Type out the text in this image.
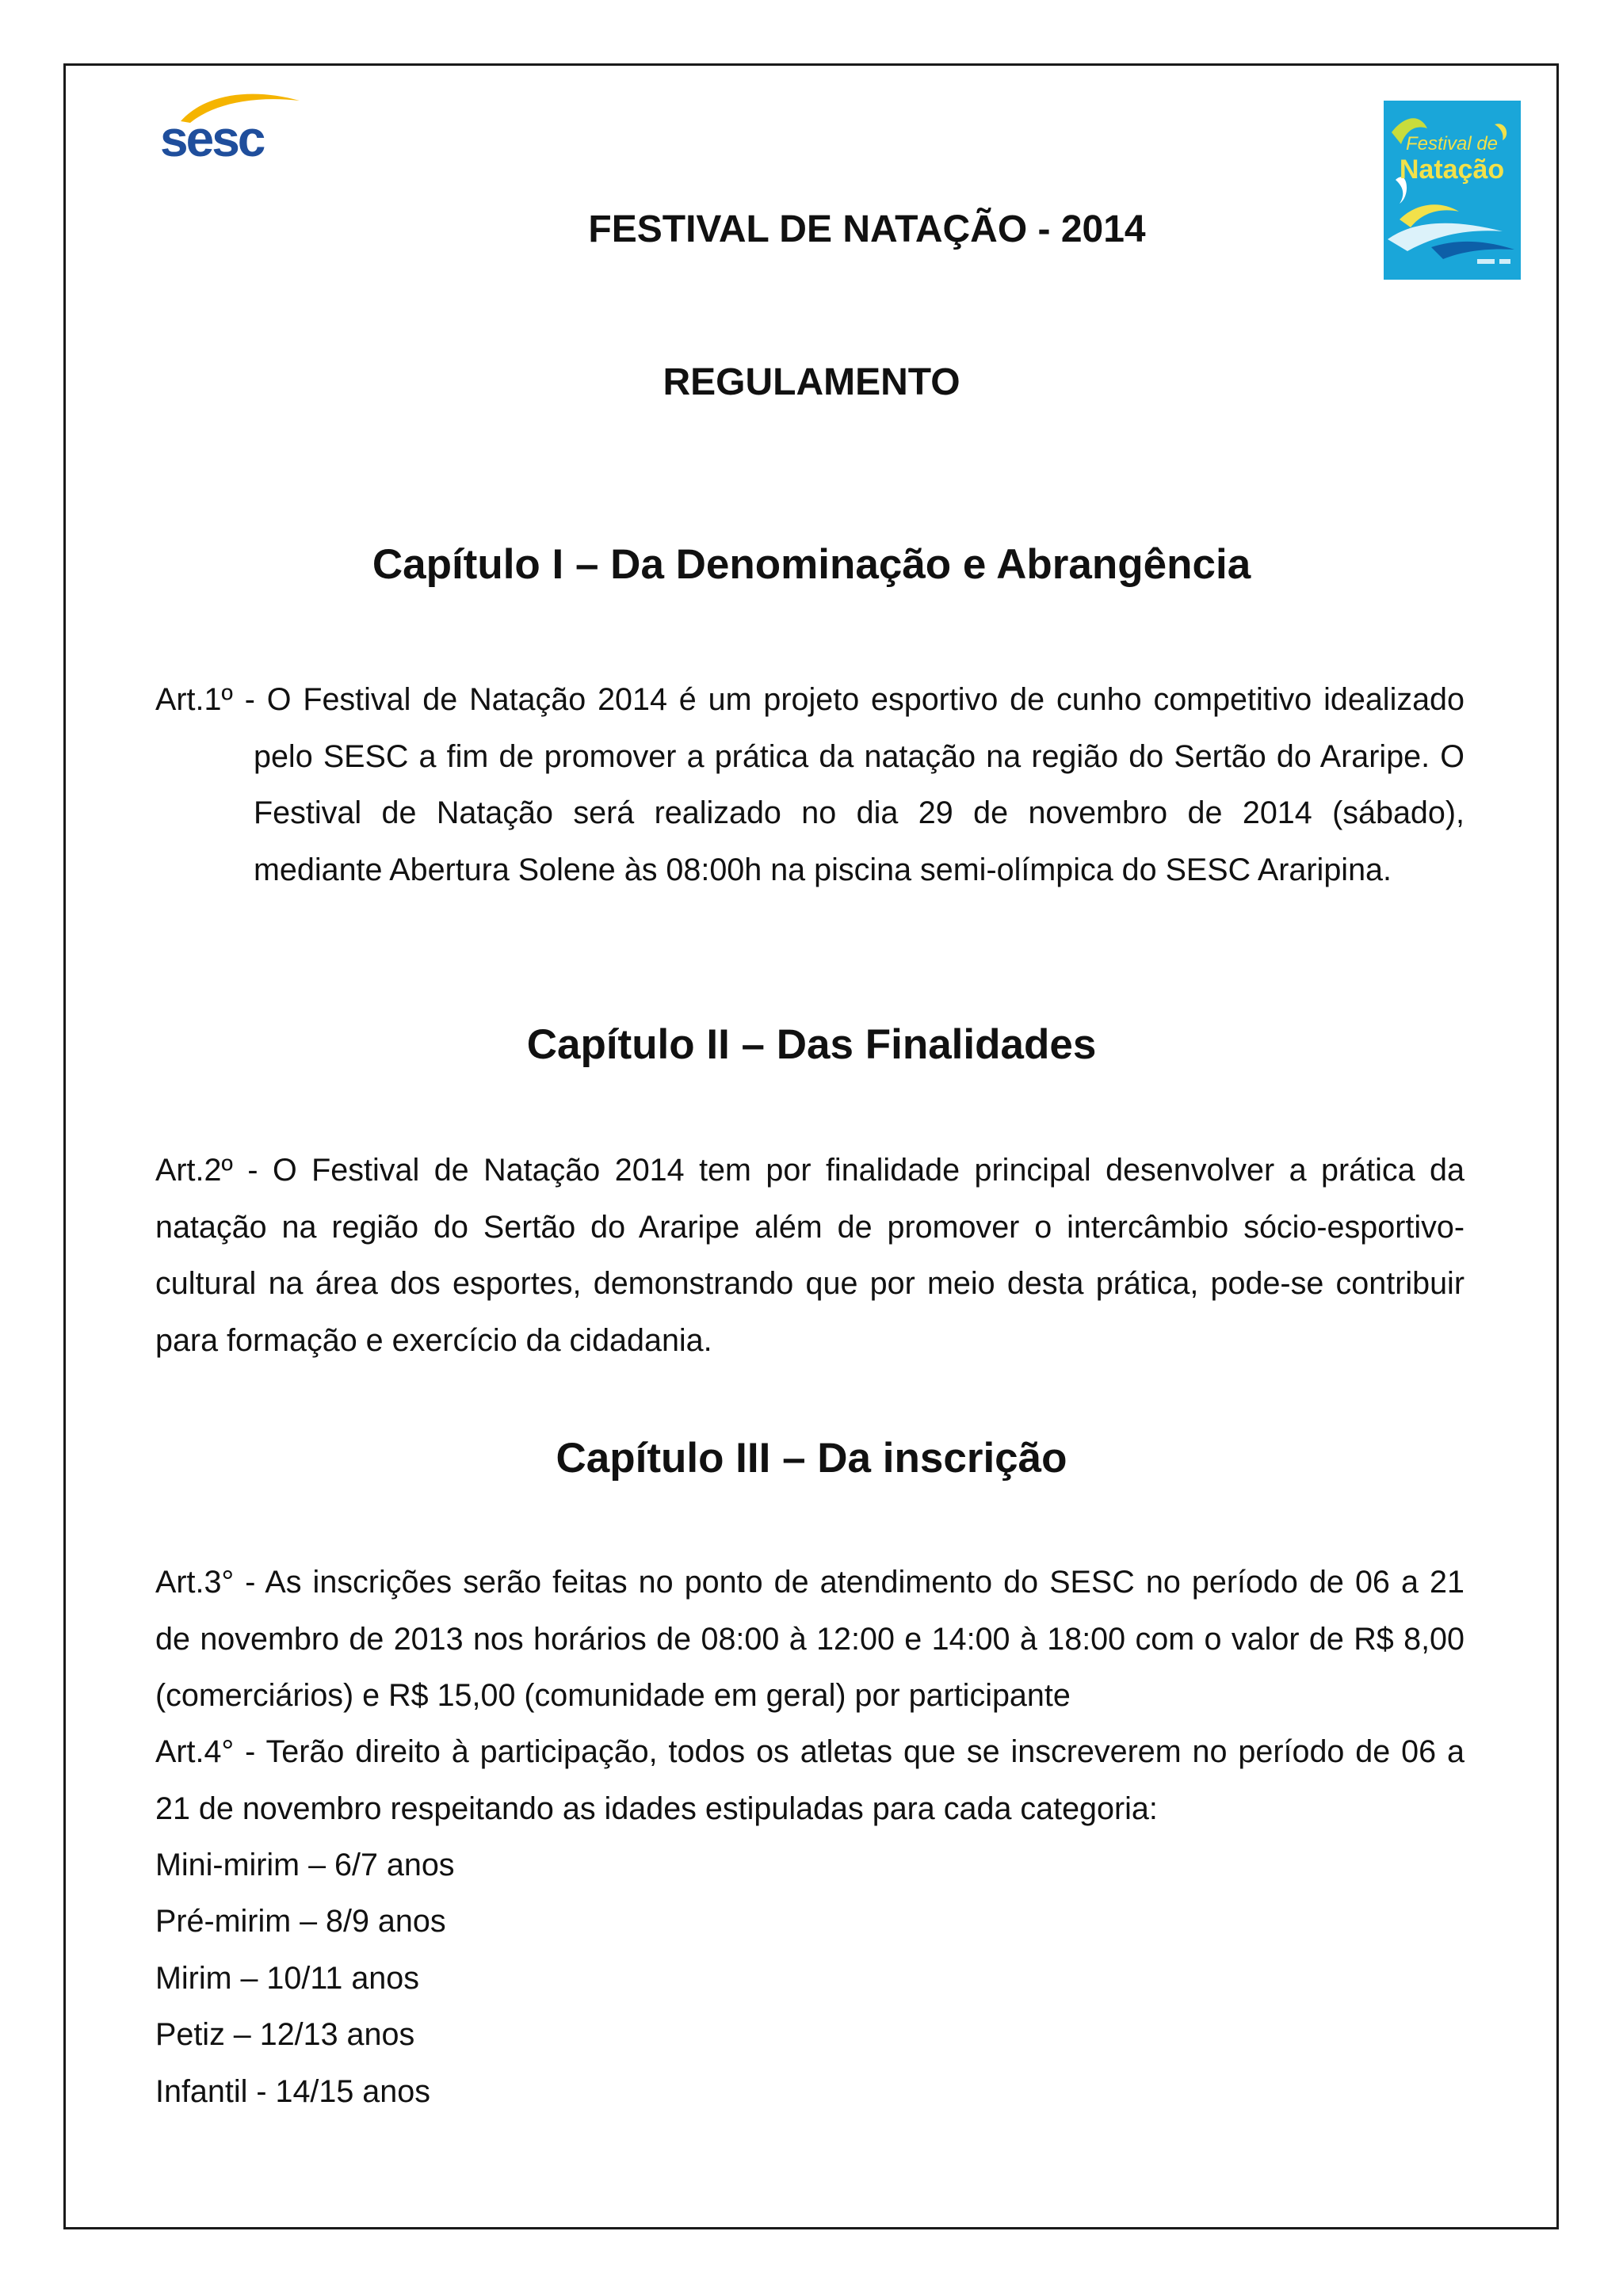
sesc	Festival de
Natação
FESTIVAL DE NATAÇÃO - 2014
REGULAMENTO
Capítulo I – Da Denominação e Abrangência

Art.1º - O Festival de Natação 2014 é um projeto esportivo de cunho competitivo idealizado pelo SESC a fim de promover a prática da natação na região do Sertão do Araripe. O Festival de Natação será realizado no dia 29 de novembro de 2014 (sábado), mediante Abertura Solene às 08:00h na piscina semi-olímpica do SESC Araripina.

Capítulo II – Das Finalidades

Art.2º - O Festival de Natação 2014 tem por finalidade principal desenvolver a prática da natação na região do Sertão do Araripe além de promover o intercâmbio sócio-esportivo-cultural na área dos esportes, demonstrando que por meio desta prática, pode-se contribuir para formação e exercício da cidadania.

Capítulo III – Da inscrição

Art.3° - As inscrições serão feitas no ponto de atendimento do SESC no período de 06 a 21 de novembro de 2013 nos horários de 08:00 à 12:00 e 14:00 à 18:00 com o valor de R$ 8,00 (comerciários) e R$ 15,00 (comunidade em geral) por participante

Art.4° - Terão direito à participação, todos os atletas que se inscreverem no período de 06 a 21 de novembro respeitando as idades estipuladas para cada categoria:

Mini-mirim – 6/7 anos

Pré-mirim – 8/9 anos

Mirim – 10/11 anos

Petiz – 12/13 anos

Infantil - 14/15 anos
